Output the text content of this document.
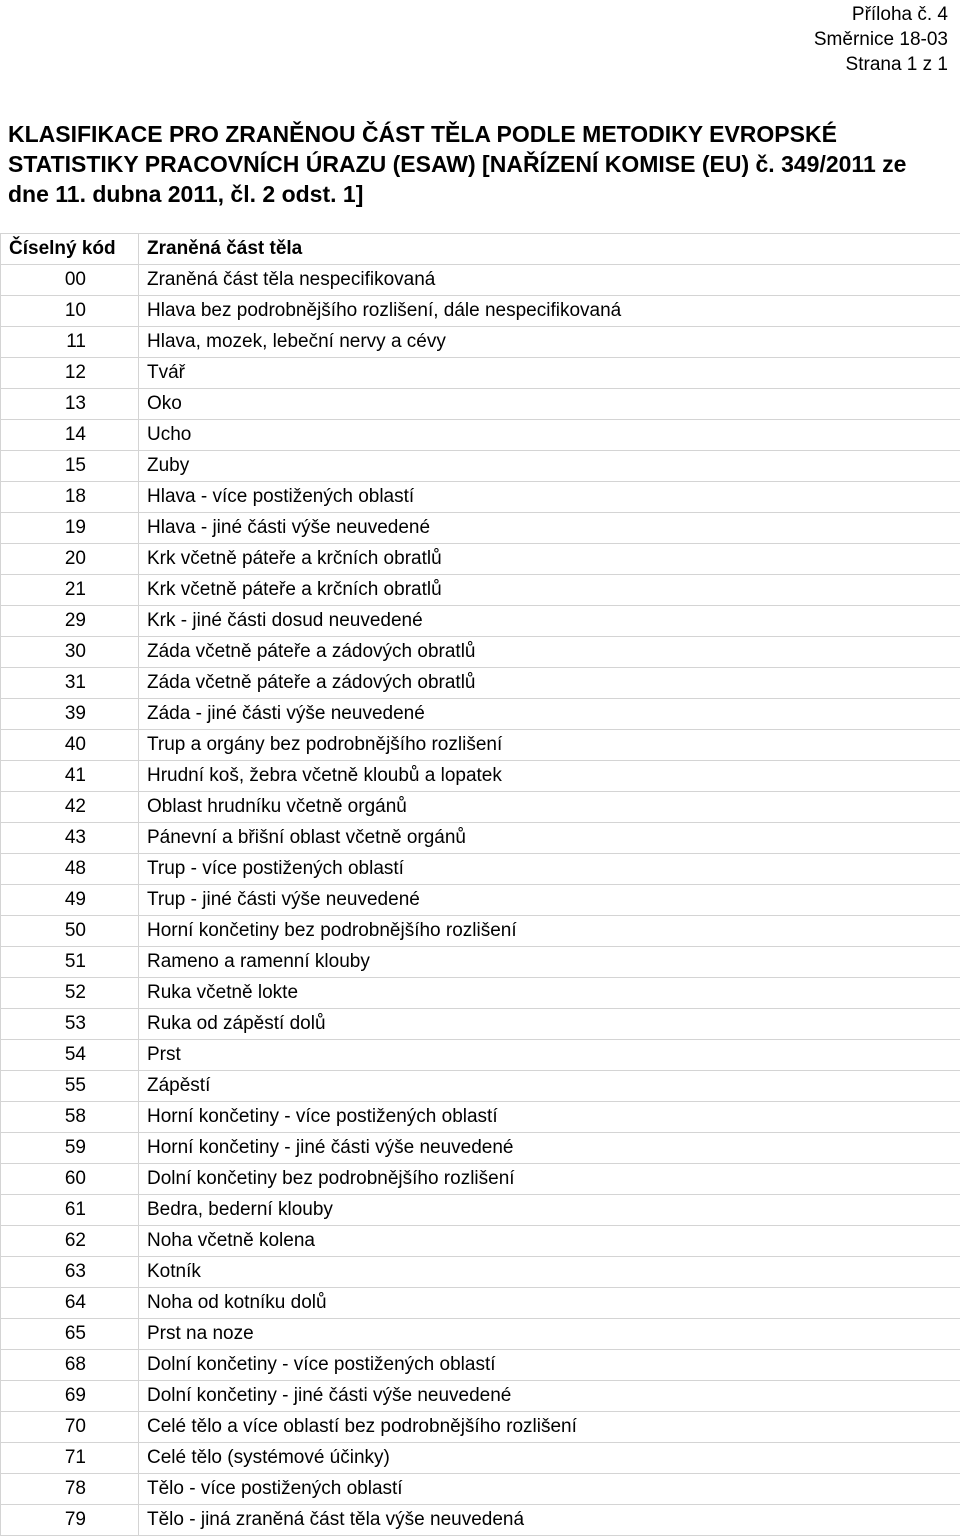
Příloha č. 4
Směrnice 18-03
Strana 1 z 1
KLASIFIKACE PRO ZRANĚNOU ČÁST TĚLA PODLE METODIKY EVROPSKÉ STATISTIKY PRACOVNÍCH ÚRAZU (ESAW) [NAŘÍZENÍ KOMISE (EU) č. 349/2011 ze dne 11. dubna 2011, čl. 2 odst. 1]
Číselný kód	Zraněná část těla
00	Zraněná část těla nespecifikovaná
10	Hlava bez podrobnějšího rozlišení, dále nespecifikovaná
11	Hlava, mozek, lebeční nervy a cévy
12	Tvář
13	Oko
14	Ucho
15	Zuby
18	Hlava - více postižených oblastí
19	Hlava - jiné části výše neuvedené
20	Krk včetně páteře a krčních obratlů
21	Krk včetně páteře a krčních obratlů
29	Krk - jiné části dosud neuvedené
30	Záda včetně páteře a zádových obratlů
31	Záda včetně páteře a zádových obratlů
39	Záda - jiné části výše neuvedené
40	Trup a orgány bez podrobnějšího rozlišení
41	Hrudní koš, žebra včetně kloubů a lopatek
42	Oblast hrudníku včetně orgánů
43	Pánevní a břišní oblast včetně orgánů
48	Trup - více postižených oblastí
49	Trup - jiné části výše neuvedené
50	Horní končetiny bez podrobnějšího rozlišení
51	Rameno a ramenní klouby
52	Ruka včetně lokte
53	Ruka od zápěstí dolů
54	Prst
55	Zápěstí
58	Horní končetiny - více postižených oblastí
59	Horní končetiny - jiné části výše neuvedené
60	Dolní končetiny bez podrobnějšího rozlišení
61	Bedra, bederní klouby
62	Noha včetně kolena
63	Kotník
64	Noha od kotníku dolů
65	Prst na noze
68	Dolní končetiny - více postižených oblastí
69	Dolní končetiny - jiné části výše neuvedené
70	Celé tělo a více oblastí bez podrobnějšího rozlišení
71	Celé tělo (systémové účinky)
78	Tělo - více postižených oblastí
79	Tělo - jiná zraněná část těla výše neuvedená
